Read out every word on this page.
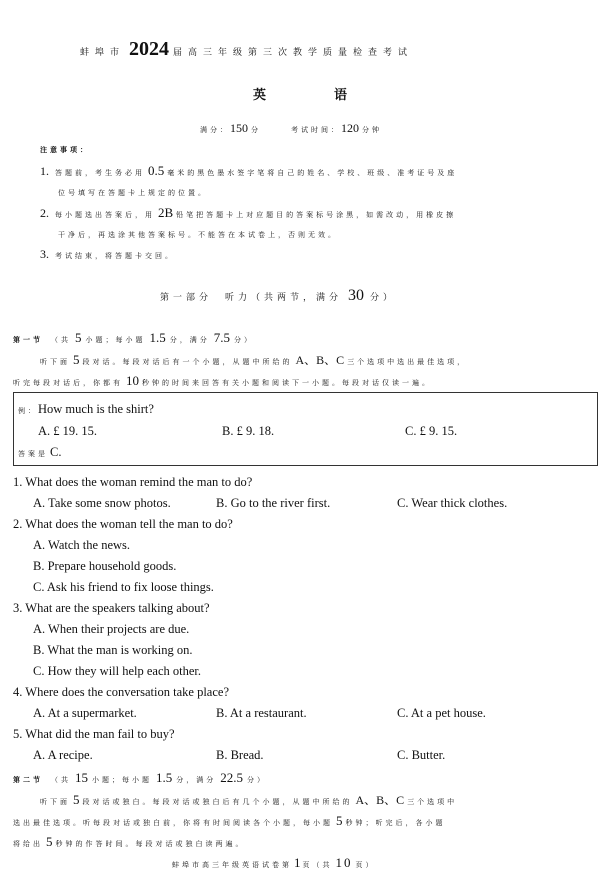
蚌埠市 2024 届高三年级第三次教学质量检查考试
英语
满分： 150 分	考试时间： 120 分钟
注意事项：
1. 答题前，考生务必用 0.5 毫米的黑色墨水签字笔将自己的姓名、学校、班级、准考证号及座
位号填写在答题卡上规定的位置。
2. 每小题选出答案后，用 2B 铅笔把答题卡上对应题目的答案标号涂黑，如需改动，用橡皮擦
干净后，再选涂其他答案标号。不能答在本试卷上，否则无效。
3. 考试结束，将答题卡交回。
第一部分　听力（共两节，满分 30 分）
第一节 （共 5 小题；每小题 1.5 分，满分 7.5 分）
听下面 5 段对话。每段对话后有一个小题，从题中所给的 A、B、C 三个选项中选出最佳选项，
听完每段对话后，你都有 10 秒钟的时间来回答有关小题和阅读下一小题。每段对话仅读一遍。
例： How much is the shirt?
A. £ 19. 15.	B. £ 9. 18.	C. £ 9. 15.
答案是 C.
1. What does the woman remind the man to do?
A. Take some snow photos.	B. Go to the river first.	C. Wear thick clothes.
2. What does the woman tell the man to do?
A. Watch the news.
B. Prepare household goods.
C. Ask his friend to fix loose things.
3. What are the speakers talking about?
A. When their projects are due.
B. What the man is working on.
C. How they will help each other.
4. Where does the conversation take place?
A. At a supermarket.	B. At a restaurant.	C. At a pet house.
5. What did the man fail to buy?
A. A recipe.	B. Bread.	C. Butter.
第二节 （共 15 小题；每小题 1.5 分，满分 22.5 分）
听下面 5 段对话或独白。每段对话或独白后有几个小题，从题中所给的 A、B、C 三个选项中
选出最佳选项。听每段对话或独白前，你将有时间阅读各个小题，每小题 5 秒钟；听完后，各小题
将给出 5 秒钟的作答时间。每段对话或独白读两遍。
蚌埠市高三年级英语试卷第 1 页（共 10 页）
